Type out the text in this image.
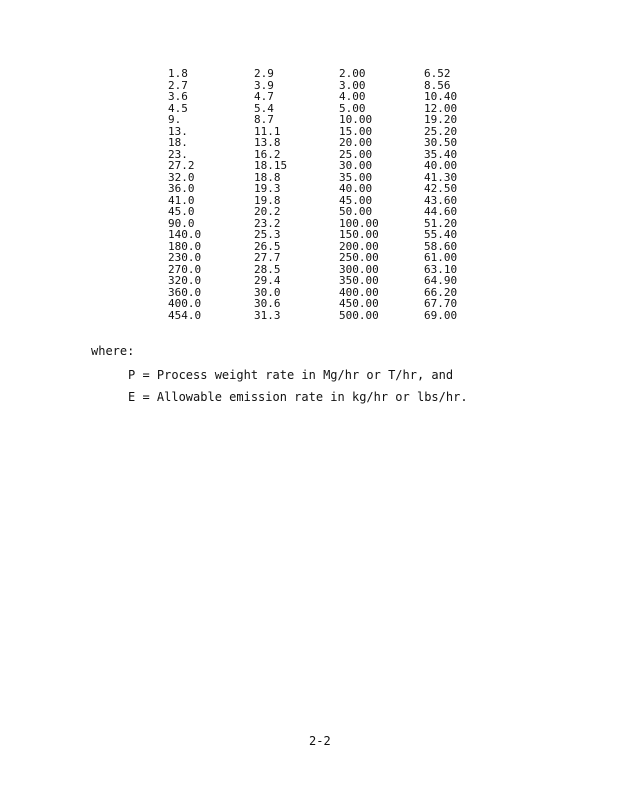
1.8	2.9	2.00	6.52
2.7	3.9	3.00	8.56
3.6	4.7	4.00	10.40
4.5	5.4	5.00	12.00
9.	8.7	10.00	19.20
13.	11.1	15.00	25.20
18.	13.8	20.00	30.50
23.	16.2	25.00	35.40
27.2	18.15	30.00	40.00
32.0	18.8	35.00	41.30
36.0	19.3	40.00	42.50
41.0	19.8	45.00	43.60
45.0	20.2	50.00	44.60
90.0	23.2	100.00	51.20
140.0	25.3	150.00	55.40
180.0	26.5	200.00	58.60
230.0	27.7	250.00	61.00
270.0	28.5	300.00	63.10
320.0	29.4	350.00	64.90
360.0	30.0	400.00	66.20
400.0	30.6	450.00	67.70
454.0	31.3	500.00	69.00
where:
P = Process weight rate in Mg/hr or T/hr, and
E = Allowable emission rate in kg/hr or lbs/hr.
2-2
